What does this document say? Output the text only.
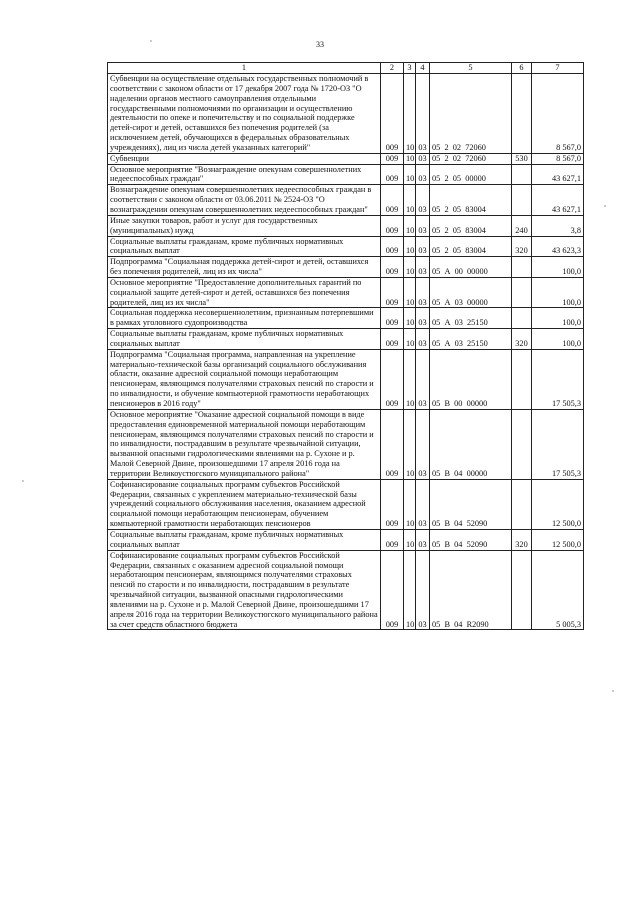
33
1	2	3	4	5	6	7
Субвенции на осуществление отдельных государственных полномочий в соответствии с законом области от 17 декабря 2007 года № 1720-ОЗ "О наделении органов местного самоуправления отдельными государственными полномочиями по организации и осуществлению деятельности по опеке и попечительству и по социальной поддержке детей-сирот и детей, оставшихся без попечения родителей (за исключением детей, обучающихся в федеральных образовательных учреждениях), лиц из числа детей указанных категорий"	009	10	03	05  2  02  72060		8 567,0
Субвенции	009	10	03	05  2  02  72060	530	8 567,0
Основное мероприятие "Вознаграждение опекунам совершеннолетних недееспособных граждан"	009	10	03	05  2  05  00000		43 627,1
Вознаграждение опекунам совершеннолетних недееспособных граждан в соответствии с законом области от 03.06.2011 № 2524-ОЗ "О вознаграждении опекунам совершеннолетних недееспособных граждан"	009	10	03	05  2  05  83004		43 627,1
Иные закупки товаров, работ и услуг для государственных (муниципальных) нужд	009	10	03	05  2  05  83004	240	3,8
Социальные выплаты гражданам, кроме публичных нормативных социальных выплат	009	10	03	05  2  05  83004	320	43 623,3
Подпрограмма "Социальная поддержка детей-сирот и детей, оставшихся без попечения родителей, лиц из их числа"	009	10	03	05  А  00  00000		100,0
Основное мероприятие "Предоставление дополнительных гарантий по социальной защите детей-сирот и детей, оставшихся без попечения родителей, лиц из их числа"	009	10	03	05  А  03  00000		100,0
Социальная поддержка несовершеннолетним, признанным потерпевшими в рамках уголовного судопроизводства	009	10	03	05  А  03  25150		100,0
Социальные выплаты гражданам, кроме публичных нормативных социальных выплат	009	10	03	05  А  03  25150	320	100,0
Подпрограмма "Социальная программа, направленная на укрепление материально-технической базы организаций социального обслуживания области, оказание адресной социальной помощи неработающим пенсионерам, являющимся получателями страховых пенсий по старости и по инвалидности, и обучение компьютерной грамотности неработающих пенсионеров в 2016 году"	009	10	03	05  В  00  00000		17 505,3
Основное мероприятие "Оказание адресной социальной помощи в виде предоставления единовременной материальной помощи неработающим пенсионерам, являющимся получателями страховых пенсий по старости и по инвалидности, пострадавшим в результате чрезвычайной ситуации, вызванной опасными гидрологическими явлениями на р. Сухоне и р. Малой Северной Двине, произошедшими 17 апреля 2016 года на территории Великоустюгского муниципального района"	009	10	03	05  В  04  00000		17 505,3
Софинансирование социальных программ субъектов Российской Федерации, связанных с укреплением материально-технической базы учреждений социального обслуживания населения, оказанием адресной социальной помощи неработающим пенсионерам, обучением компьютерной грамотности неработающих пенсионеров	009	10	03	05  В  04  52090		12 500,0
Социальные выплаты гражданам, кроме публичных нормативных социальных выплат	009	10	03	05  В  04  52090	320	12 500,0
Софинансирование социальных программ субъектов Российской Федерации, связанных с оказанием адресной социальной помощи неработающим пенсионерам, являющимся получателями страховых пенсий по старости и по инвалидности, пострадавшим в результате чрезвычайной ситуации, вызванной опасными гидрологическими явлениями на р. Сухоне и р. Малой Северной Двине, произошедшими 17 апреля 2016 года на территории Великоустюгского муниципального района за счет средств областного бюджета	009	10	03	05  В  04  R2090		5 005,3
